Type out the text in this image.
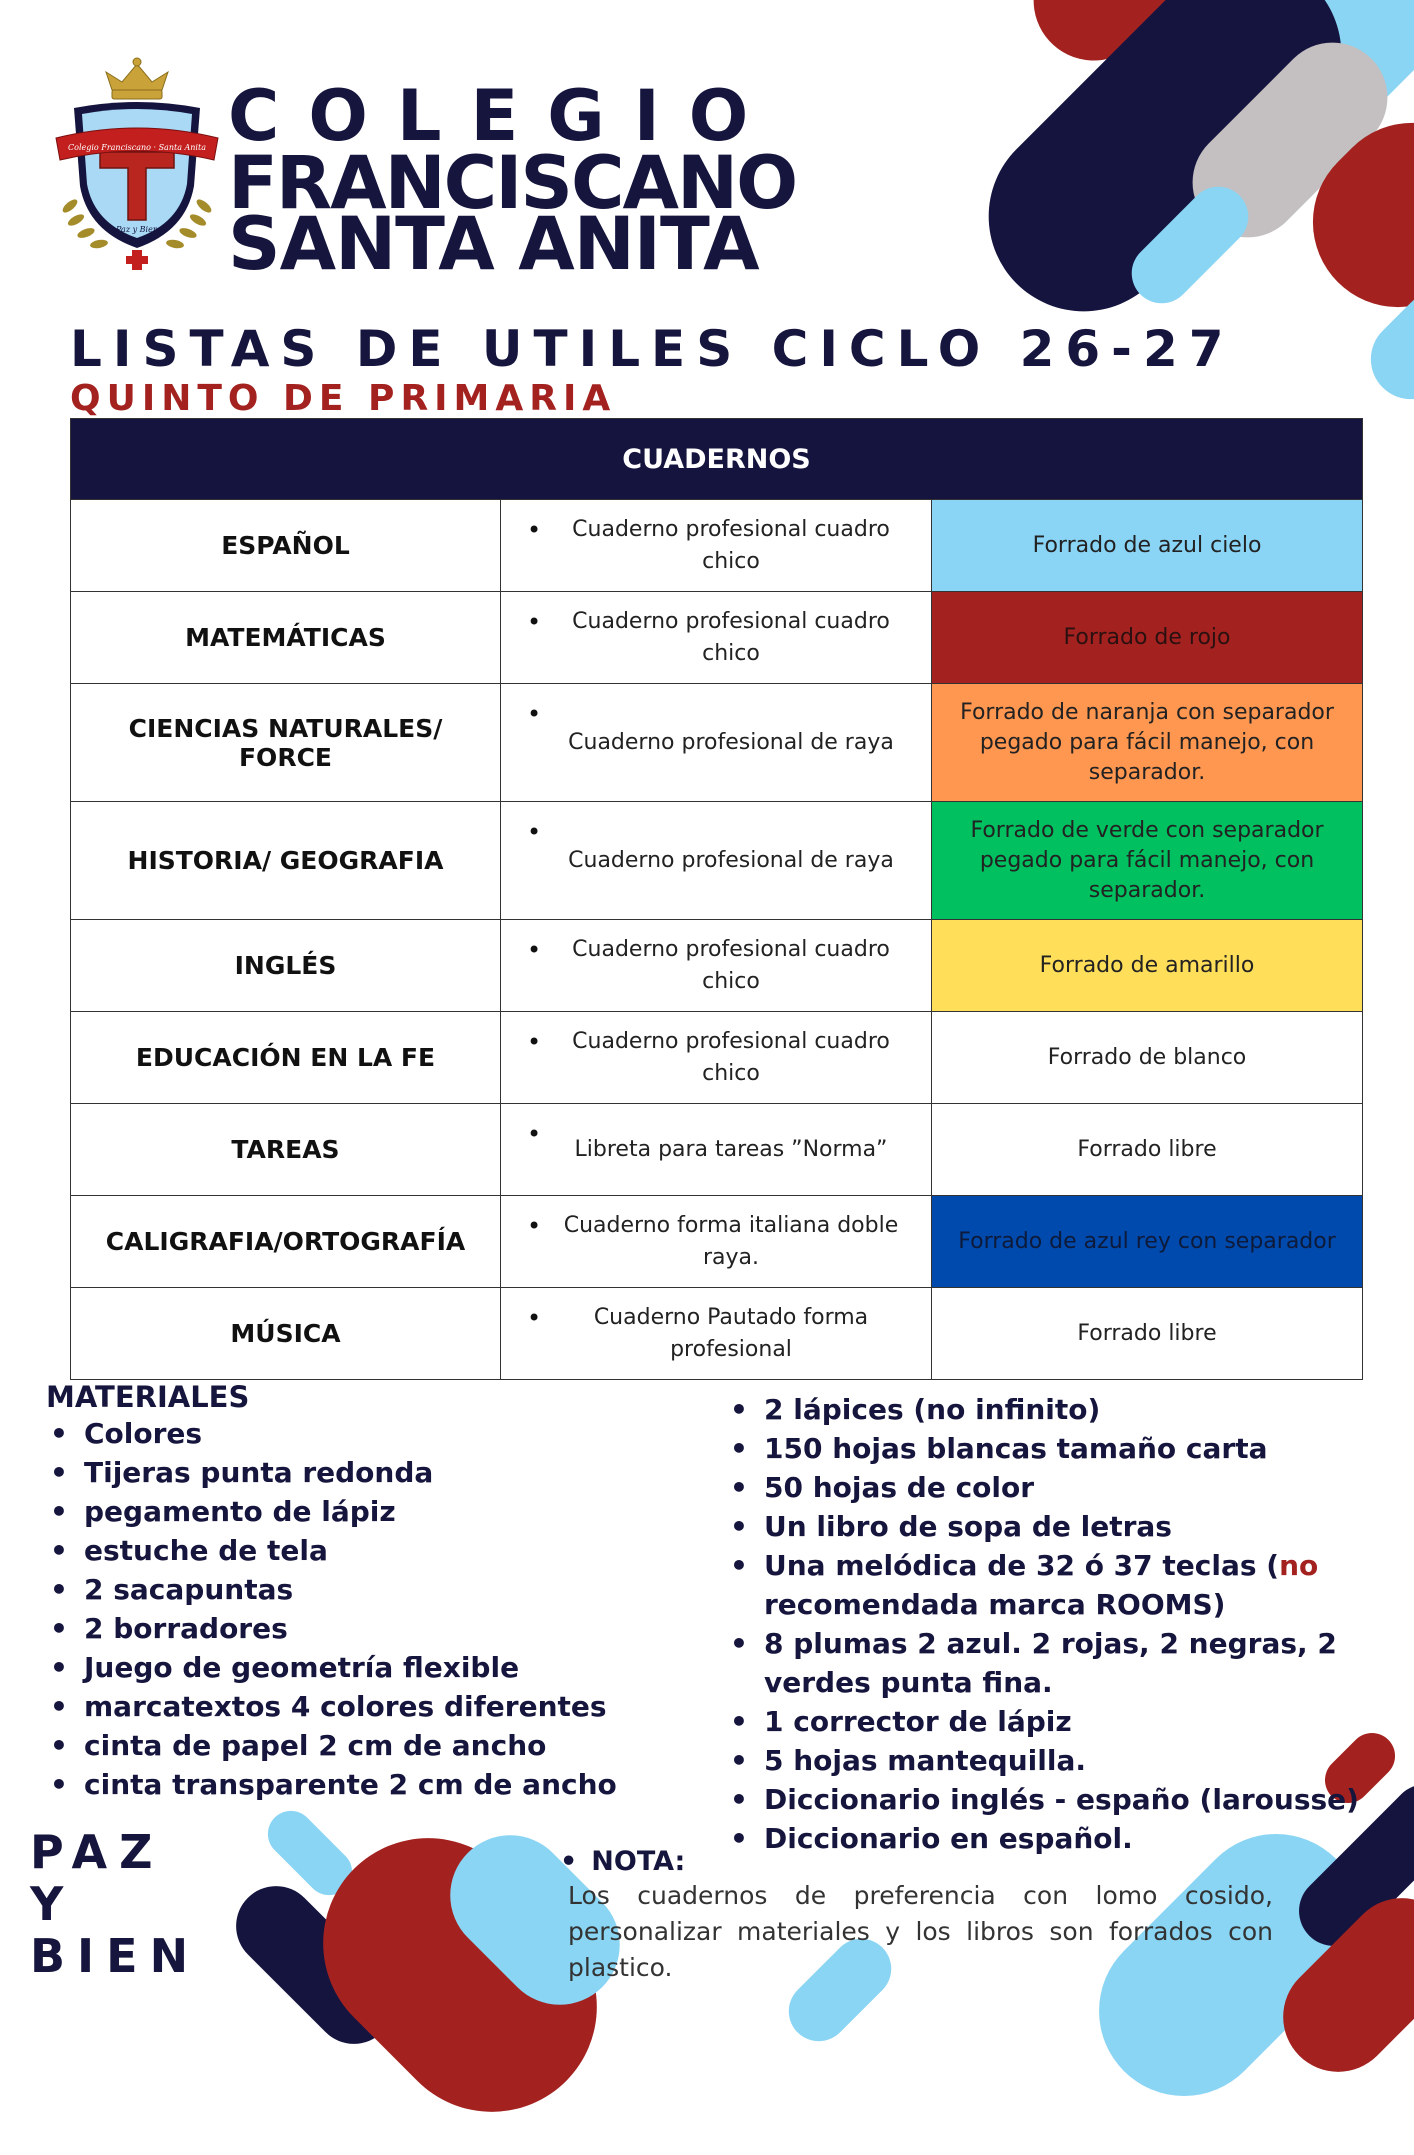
Colegio Franciscano · Santa Anita
Paz y Bien
COLEGIO
FRANCISCANO
SANTA ANITA
LISTAS DE UTILES CICLO 26-27
QUINTO DE PRIMARIA
CUADERNOS		
ESPAÑOL	• Cuaderno profesional cuadro chico	Forrado de azul cielo
MATEMÁTICAS	• Cuaderno profesional cuadro chico	Forrado de rojo
CIENCIAS NATURALES/ FORCE	• Cuaderno profesional de raya	Forrado de naranja con separador pegado para fácil manejo, con separador.
HISTORIA/ GEOGRAFIA	• Cuaderno profesional de raya	Forrado de verde con separador pegado para fácil manejo, con separador.
INGLÉS	• Cuaderno profesional cuadro chico	Forrado de amarillo
EDUCACIÓN EN LA FE	• Cuaderno profesional cuadro chico	Forrado de blanco
TAREAS	• Libreta para tareas ”Norma”	Forrado libre
CALIGRAFIA/ORTOGRAFÍA	• Cuaderno forma italiana doble raya.	Forrado de azul rey con separador
MÚSICA	• Cuaderno Pautado forma profesional	Forrado libre
MATERIALES
• Colores
• Tijeras punta redonda
• pegamento de lápiz
• estuche de tela
• 2 sacapuntas
• 2 borradores
• Juego de geometría flexible
• marcatextos 4 colores diferentes
• cinta de papel 2 cm de ancho
• cinta transparente 2 cm de ancho
• 2 lápices (no infinito)
• 150 hojas blancas tamaño carta
• 50 hojas de color
• Un libro de sopa de letras
• Una melódica de 32 ó 37 teclas (no recomendada marca ROOMS)
• 8 plumas 2 azul. 2 rojas, 2 negras, 2 verdes punta fina.
• 1 corrector de lápiz
• 5 hojas mantequilla.
• Diccionario inglés - españo (larousse)
• Diccionario en español.
PAZ
Y
BIEN
• NOTA:
Los cuadernos de preferencia con lomo cosido, personalizar materiales y los libros son forrados con plastico.
